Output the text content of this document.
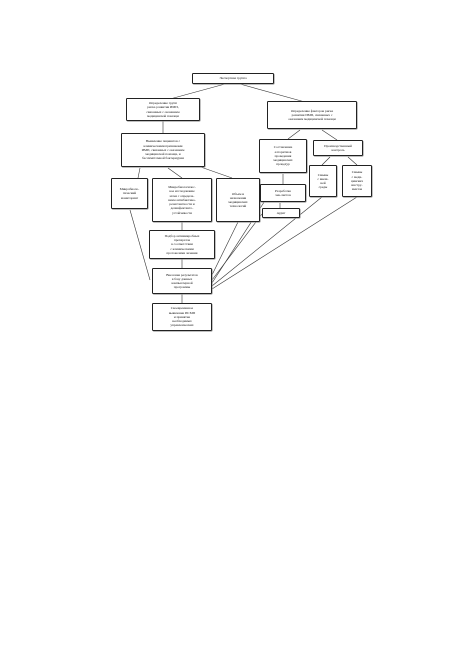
Экспертная группа
Определение групп
риска развития ИМП,
связанных с оказанием
медицинской помощи
Определение факторов риска
развития ИМП, связанных с
оказанием медицинской помощи
Выявление пациентов с
клиническими признаками
ИМП, связанных с оказанием
медицинской помощи, и
бессимптомной бактериурии
Микробиоло-
гический
мониторинг
Микробиологичес-
кое исследование
мочи с определе-
нием антибиотико-
резистентности и
дезинфектанто-
устойчивости
Объем и
назначения
медицинских
технологий
Составление
алгоритмов
проведения
медицинских
процедур
Производственный
контроль
Разработка
чек-листов
Аудит
Смывы
с внеш-
ней
среды
Смывы
с меди-
цинских
инстру-
ментов
Подбор антимикробных
препаратов
в соответствии
с клиническими
протоколами лечения
Внесение результатов
в базу данных
компьютерной
программы
Своевременное
выявление ИСМП
и принятие
необходимых
управленческих
